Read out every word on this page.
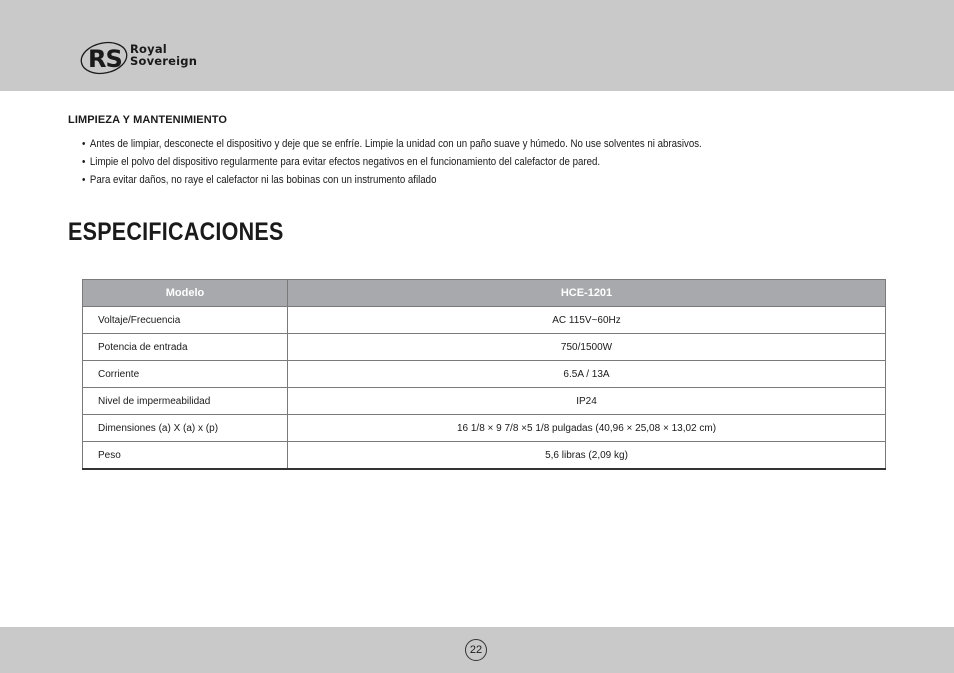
RS Royal
Sovereign
LIMPIEZA Y MANTENIMIENTO
• Antes de limpiar, desconecte el dispositivo y deje que se enfríe. Limpie la unidad con un paño suave y húmedo. No use solventes ni abrasivos.
• Limpie el polvo del dispositivo regularmente para evitar efectos negativos en el funcionamiento del calefactor de pared.
• Para evitar daños, no raye el calefactor ni las bobinas con un instrumento afilado
ESPECIFICACIONES
Modelo	HCE-1201
Voltaje/Frecuencia	AC 115V~60Hz
Potencia de entrada	750/1500W
Corriente	6.5A / 13A
Nivel de impermeabilidad	IP24
Dimensiones (a) X (a) x (p)	16 1/8 × 9 7/8 ×5 1/8 pulgadas (40,96 × 25,08 × 13,02 cm)
Peso	5,6 libras (2,09 kg)
22
